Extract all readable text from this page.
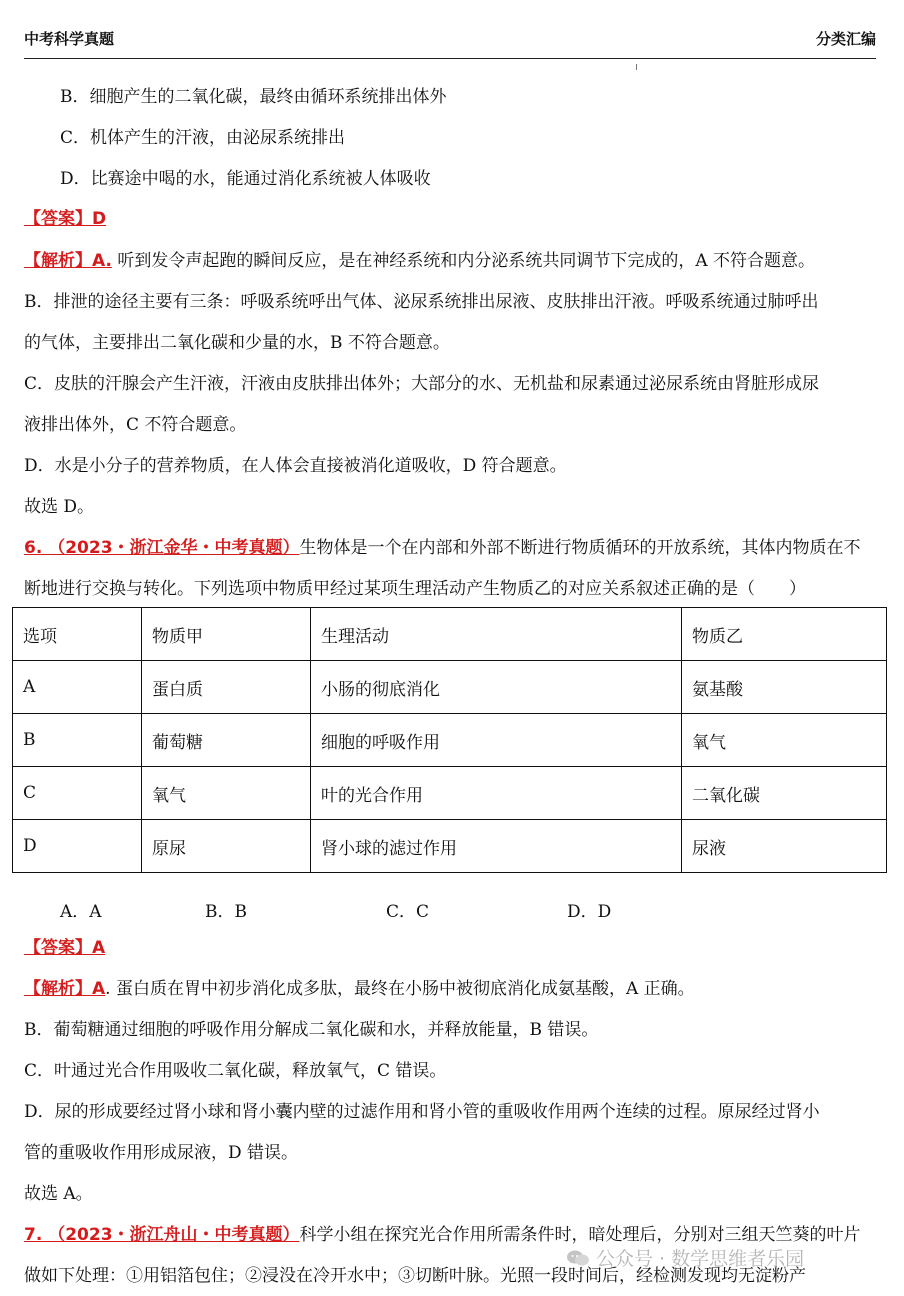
中考科学真题	分类汇编
B．细胞产生的二氧化碳，最终由循环系统排出体外
C．机体产生的汗液，由泌尿系统排出
D．比赛途中喝的水，能通过消化系统被人体吸收
【答案】D
【解析】A. 听到发令声起跑的瞬间反应，是在神经系统和内分泌系统共同调节下完成的，A 不符合题意。
B．排泄的途径主要有三条：呼吸系统呼出气体、泌尿系统排出尿液、皮肤排出汗液。呼吸系统通过肺呼出
的气体，主要排出二氧化碳和少量的水，B 不符合题意。
C．皮肤的汗腺会产生汗液，汗液由皮肤排出体外；大部分的水、无机盐和尿素通过泌尿系统由肾脏形成尿
液排出体外，C 不符合题意。
D．水是小分子的营养物质，在人体会直接被消化道吸收，D 符合题意。
故选 D。
6. （2023・浙江金华・中考真题）生物体是一个在内部和外部不断进行物质循环的开放系统，其体内物质在不
断地进行交换与转化。下列选项中物质甲经过某项生理活动产生物质乙的对应关系叙述正确的是（　　）
选项	物质甲	生理活动	物质乙
A	蛋白质	小肠的彻底消化	氨基酸
B	葡萄糖	细胞的呼吸作用	氧气
C	氧气	叶的光合作用	二氧化碳
D	原尿	肾小球的滤过作用	尿液
A．A	B．B	C．C	D．D
【答案】A
【解析】A. 蛋白质在胃中初步消化成多肽，最终在小肠中被彻底消化成氨基酸，A 正确。
B．葡萄糖通过细胞的呼吸作用分解成二氧化碳和水，并释放能量，B 错误。
C．叶通过光合作用吸收二氧化碳，释放氧气，C 错误。
D．尿的形成要经过肾小球和肾小囊内壁的过滤作用和肾小管的重吸收作用两个连续的过程。原尿经过肾小
管的重吸收作用形成尿液，D 错误。
故选 A。
7. （2023・浙江舟山・中考真题）科学小组在探究光合作用所需条件时，暗处理后，分别对三组天竺葵的叶片
做如下处理：①用铝箔包住；②浸没在冷开水中；③切断叶脉。光照一段时间后，经检测发现均无淀粉产
公众号 · 数学思维者乐园
